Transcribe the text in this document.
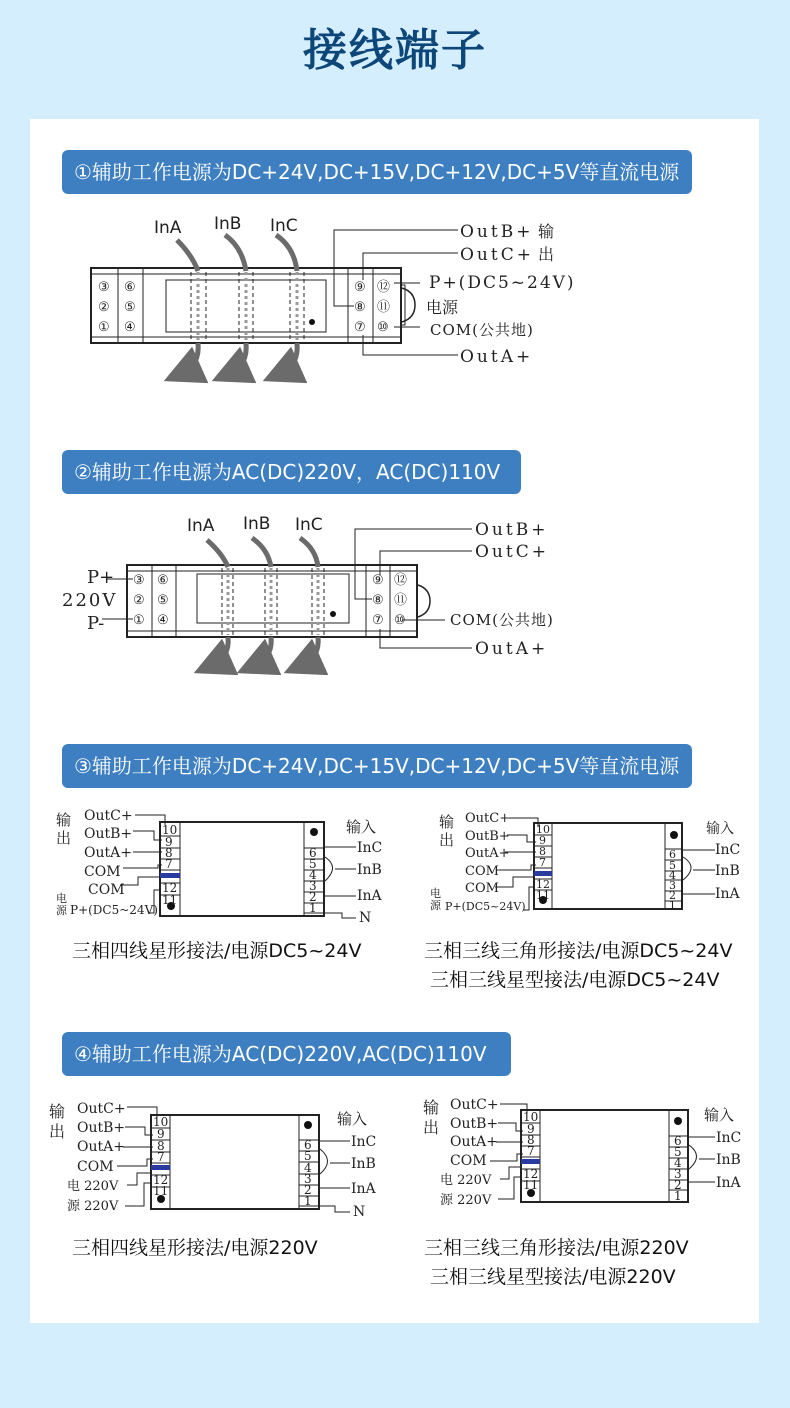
接线端子
①辅助工作电源为DC+24V,DC+15V,DC+12V,DC+5V等直流电源
InA InB InC
③
②
①
⑥
⑤
④
⑨
⑧
⑦
⑫
⑪
⑩
OutB+ 输
OutC+ 出
P+(DC5~24V)
电源
COM(公共地)
OutA+
②辅助工作电源为AC(DC)220V，AC(DC)110V
InA InB InC
③
②
①
⑥
⑤
④
⑨
⑧
⑦
⑫
⑪
⑩
P+
220V
P-
OutB+
OutC+
COM(公共地)
OutA+
③辅助工作电源为DC+24V,DC+15V,DC+12V,DC+5V等直流电源
10
9
8
7
12
11
6
5
4
3
2
1
输
出
电
源
OutC+
OutB+
OutA+
COM
COM
P+(DC5~24V)
输入
InC
InB
InA
N
10
9
8
7
12
11
6
5
4
3
2
1
输
出
电
源
OutC+
OutB+
OutA+
COM
COM
P+(DC5~24V)
输入
InC
InB
InA
三相四线星形接法/电源DC5~24V	三相三线三角形接法/电源DC5~24V
三相三线星型接法/电源DC5~24V
④辅助工作电源为AC(DC)220V,AC(DC)110V
10
9
8
7
12
11
6
5
4
3
2
1
输
出
OutC+
OutB+
OutA+
COM
电 220V
源 220V
输入
InC
InB
InA
N
10
9
8
7
12
11
6
5
4
3
2
1
输
出
OutC+
OutB+
OutA+
COM
电 220V
源 220V
输入
InC
InB
InA
三相四线星形接法/电源220V	三相三线三角形接法/电源220V
三相三线星型接法/电源220V
